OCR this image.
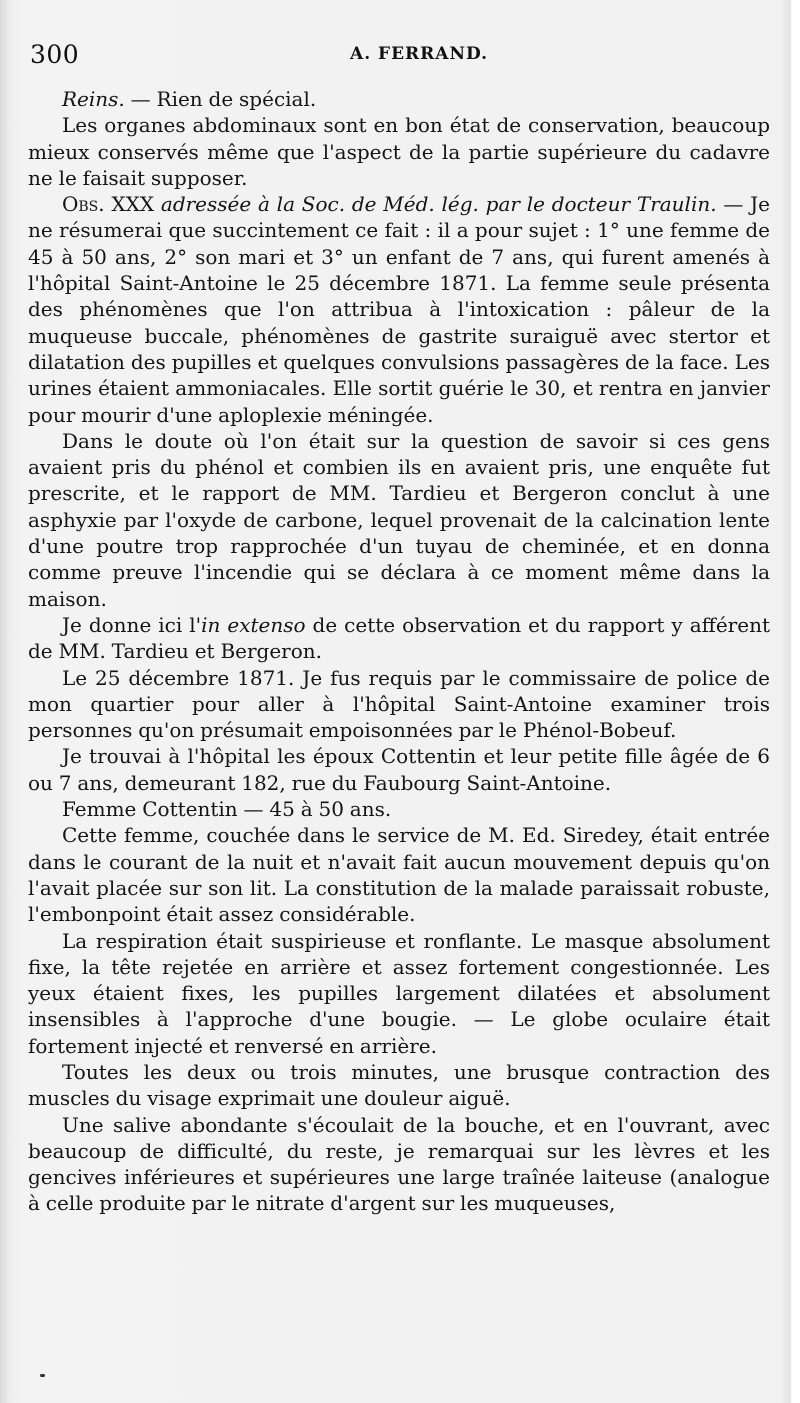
300	A. FERRAND.

Reins. — Rien de spécial.

Les organes abdominaux sont en bon état de conservation, beaucoup mieux conservés même que l'aspect de la partie supérieure du cadavre ne le faisait supposer.

Obs. XXX adressée à la Soc. de Méd. lég. par le docteur Traulin. — Je ne résumerai que succintement ce fait : il a pour sujet : 1° une femme de 45 à 50 ans, 2° son mari et 3° un enfant de 7 ans, qui furent amenés à l'hôpital Saint-Antoine le 25 décembre 1871. La femme seule présenta des phénomènes que l'on attribua à l'intoxication : pâleur de la muqueuse buccale, phénomènes de gastrite suraiguë avec stertor et dilatation des pupilles et quelques convulsions passagères de la face. Les urines étaient ammoniacales. Elle sortit guérie le 30, et rentra en janvier pour mourir d'une aploplexie méningée.

Dans le doute où l'on était sur la question de savoir si ces gens avaient pris du phénol et combien ils en avaient pris, une enquête fut prescrite, et le rapport de MM. Tardieu et Bergeron conclut à une asphyxie par l'oxyde de carbone, lequel provenait de la calcination lente d'une poutre trop rapprochée d'un tuyau de cheminée, et en donna comme preuve l'incendie qui se déclara à ce moment même dans la maison.

Je donne ici l'in extenso de cette observation et du rapport y afférent de MM. Tardieu et Bergeron.

Le 25 décembre 1871. Je fus requis par le commissaire de police de mon quartier pour aller à l'hôpital Saint-Antoine examiner trois personnes qu'on présumait empoisonnées par le Phénol-Bobeuf.

Je trouvai à l'hôpital les époux Cottentin et leur petite fille âgée de 6 ou 7 ans, demeurant 182, rue du Faubourg Saint-Antoine.

Femme Cottentin — 45 à 50 ans.

Cette femme, couchée dans le service de M. Ed. Siredey, était entrée dans le courant de la nuit et n'avait fait aucun mouvement depuis qu'on l'avait placée sur son lit. La constitution de la malade paraissait robuste, l'embonpoint était assez considérable.

La respiration était suspirieuse et ronflante. Le masque absolument fixe, la tête rejetée en arrière et assez fortement congestionnée. Les yeux étaient fixes, les pupilles largement dilatées et absolument insensibles à l'approche d'une bougie. — Le globe oculaire était fortement injecté et renversé en arrière.

Toutes les deux ou trois minutes, une brusque contraction des muscles du visage exprimait une douleur aiguë.

Une salive abondante s'écoulait de la bouche, et en l'ouvrant, avec beaucoup de difficulté, du reste, je remarquai sur les lèvres et les gencives inférieures et supérieures une large traînée laiteuse (analogue à celle produite par le nitrate d'argent sur les muqueuses,
